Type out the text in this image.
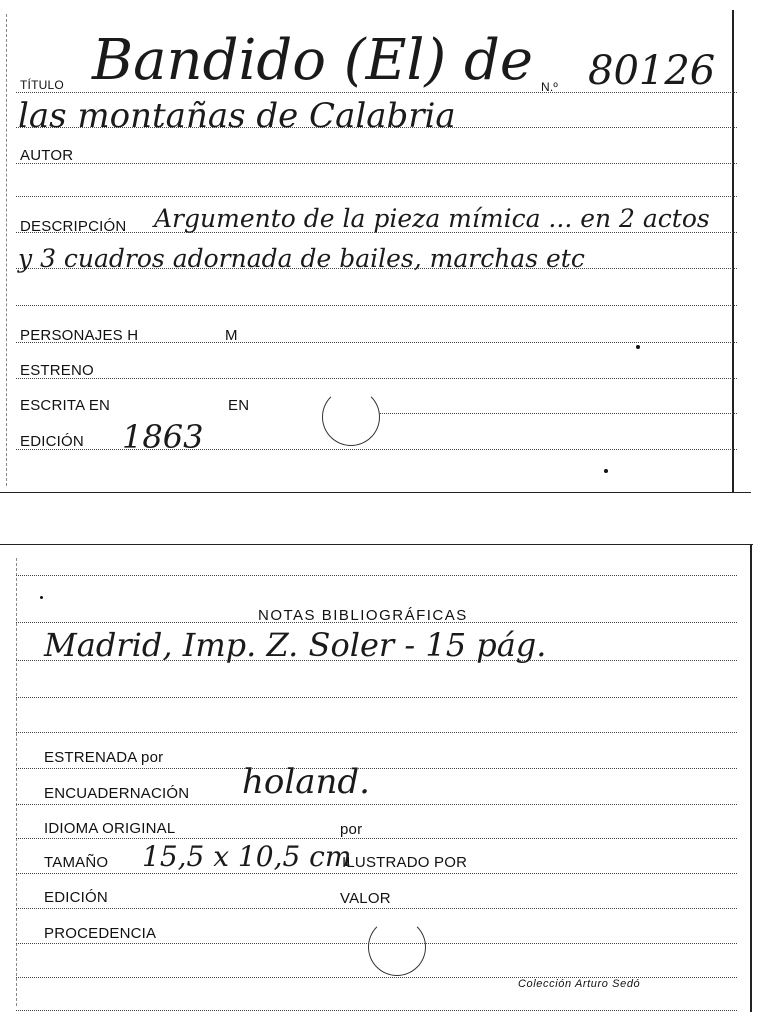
TÍTULO Bandido (El) de N.º 80126
las montañas de Calabria
AUTOR
DESCRIPCIÓN Argumento de la pieza mímica ... en 2 actos
y 3 cuadros adornada de bailes, marchas etc
PERSONAJES H	M
ESTRENO
ESCRITA EN	EN
EDICIÓN 1863
NOTAS BIBLIOGRÁFICAS
Madrid, Imp. Z. Soler - 15 pág.
ESTRENADA por
ENCUADERNACIÓN holand.
IDIOMA ORIGINAL	por
TAMAÑO 15,5 x 10,5 cm
ILUSTRADO POR
EDICIÓN	VALOR
PROCEDENCIA
Colección Arturo Sedó
